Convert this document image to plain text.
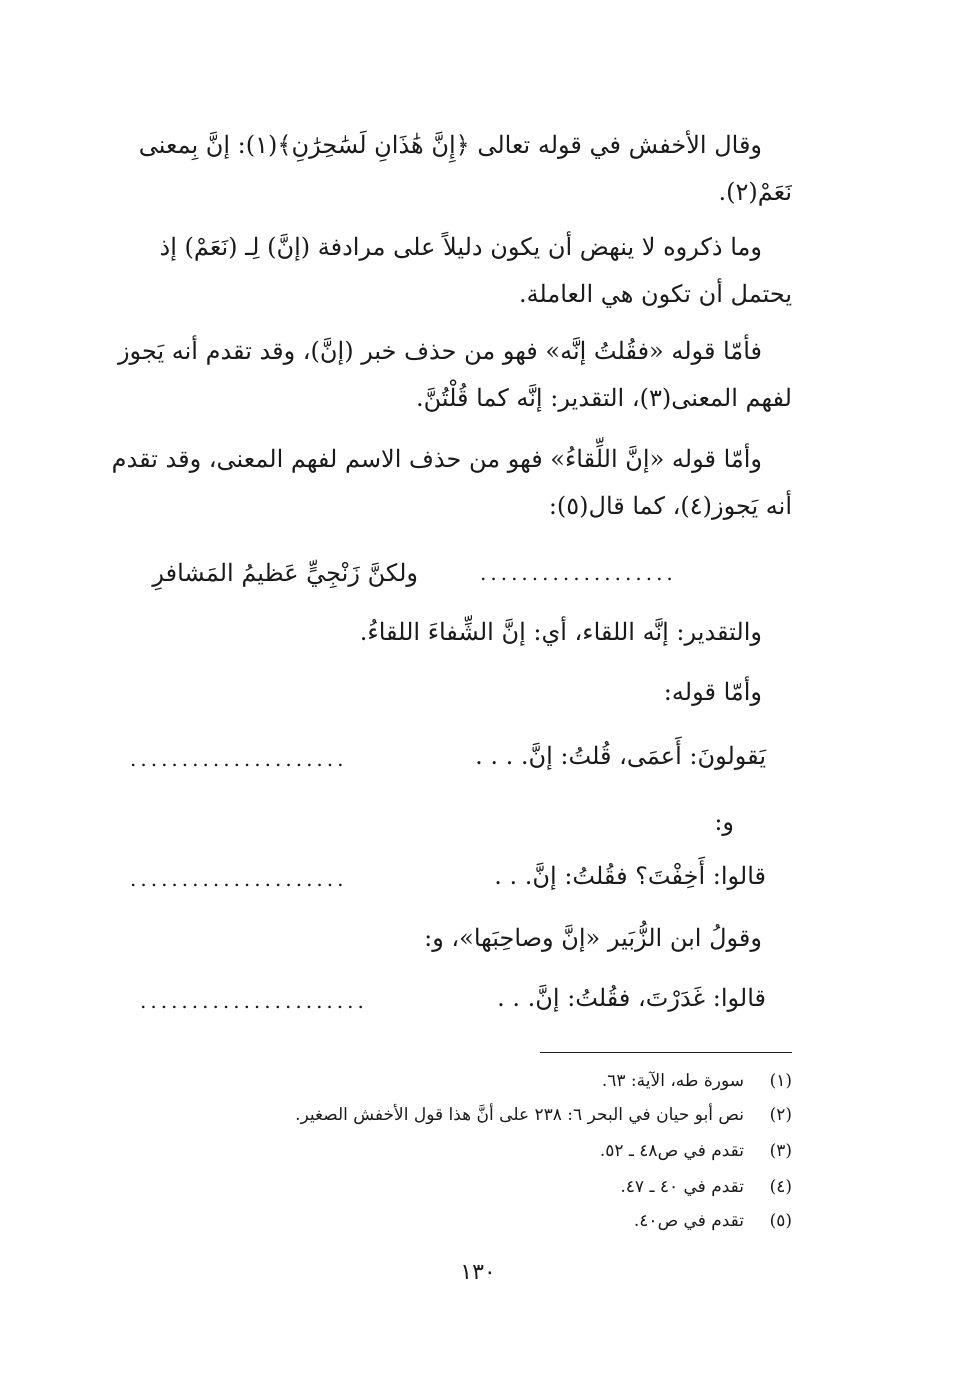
وقال الأخفش في قوله تعالى ﴿إِنَّ هَٰذَانِ لَسَٰحِرَٰنِ﴾(١): إنَّ بِمعنى
نَعَمْ(٢).
وما ذكروه لا ينهض أن يكون دليلاً على مرادفة (إنَّ) لِـ (نَعَمْ) إذ
يحتمل أن تكون هي العاملة.
فأمّا قوله «فقُلتُ إنَّه» فهو من حذف خبر (إنَّ)، وقد تقدم أنه يَجوز
لفهم المعنى(٣)، التقدير: إنَّه كما قُلْتُنَّ.
وأمّا قوله «إنَّ اللِّقاءُ» فهو من حذف الاسم لفهم المعنى، وقد تقدم
أنه يَجوز(٤)، كما قال(٥):
ولكنَّ زَنْجِيٍّ عَظيمُ المَشافرِ	...................
والتقدير: إنَّه اللقاء، أي: إنَّ الشِّفاءَ اللقاءُ.
وأمّا قوله:
يَقولونَ: أَعمَى، قُلتُ: إنَّ. . . .
.....................
و:
قالوا: أَخِفْتَ؟ فقُلتُ: إنَّ. . .
.....................
وقولُ ابن الزُّبَير «إنَّ وصاحِبَها»، و:
قالوا: غَدَرْتَ، فقُلتُ: إنَّ. . .
......................
(١)
سورة طه، الآية: ٦٣.
(٢)
نص أبو حيان في البحر ٦: ٢٣٨ على أنَّ هذا قول الأخفش الصغير.
(٣)
تقدم في ص٤٨ ـ ٥٢.
(٤)
تقدم في ٤٠ ـ ٤٧.
(٥)
تقدم في ص٤٠.
١٣٠
